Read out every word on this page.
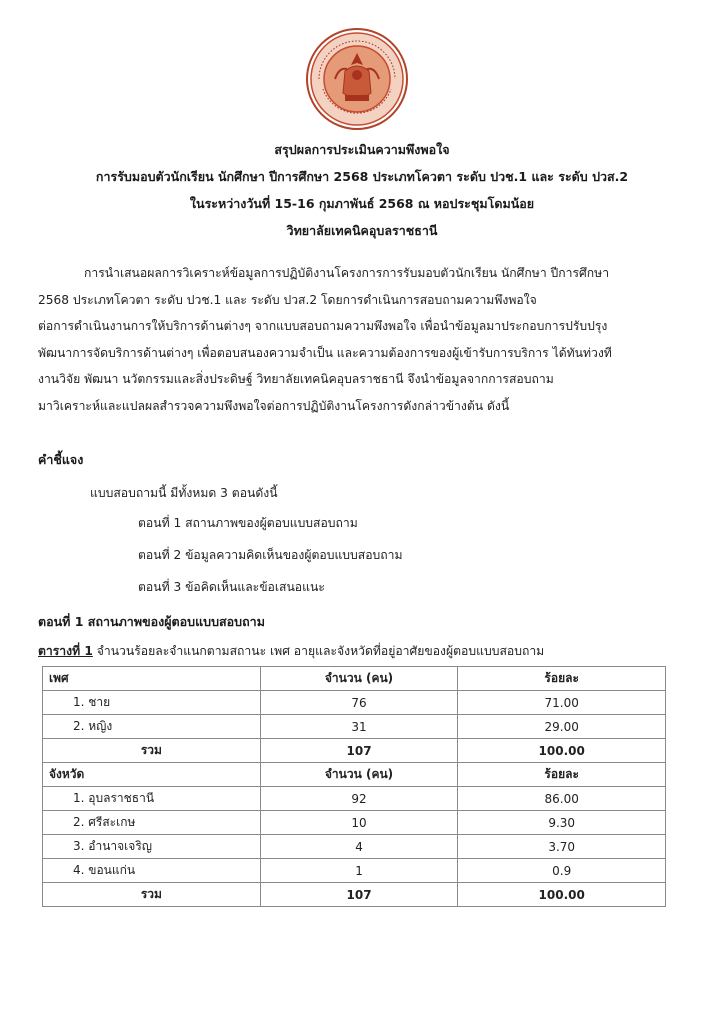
สรุปผลการประเมินความพึงพอใจ
การรับมอบตัวนักเรียน นักศึกษา ปีการศึกษา 2568 ประเภทโควตา ระดับ ปวช.1 และ ระดับ ปวส.2
ในระหว่างวันที่ 15-16 กุมภาพันธ์ 2568 ณ หอประชุมโดมน้อย
วิทยาลัยเทคนิคอุบลราชธานี
การนำเสนอผลการวิเคราะห์ข้อมูลการปฏิบัติงานโครงการการรับมอบตัวนักเรียน นักศึกษา ปีการศึกษา
2568 ประเภทโควตา ระดับ ปวช.1 และ ระดับ ปวส.2 โดยการดำเนินการสอบถามความพึงพอใจ
ต่อการดำเนินงานการให้บริการด้านต่างๆ จากแบบสอบถามความพึงพอใจ เพื่อนำข้อมูลมาประกอบการปรับปรุง
พัฒนาการจัดบริการด้านต่างๆ เพื่อตอบสนองความจำเป็น และความต้องการของผู้เข้ารับการบริการ ได้ทันท่วงที
งานวิจัย พัฒนา นวัตกรรมและสิ่งประดิษฐ์ วิทยาลัยเทคนิคอุบลราชธานี จึงนำข้อมูลจากการสอบถาม
มาวิเคราะห์และแปลผลสำรวจความพึงพอใจต่อการปฏิบัติงานโครงการดังกล่าวข้างต้น ดังนี้
คำชี้แจง
แบบสอบถามนี้ มีทั้งหมด 3 ตอนดังนี้
ตอนที่ 1 สถานภาพของผู้ตอบแบบสอบถาม
ตอนที่ 2 ข้อมูลความคิดเห็นของผู้ตอบแบบสอบถาม
ตอนที่ 3 ข้อคิดเห็นและข้อเสนอแนะ
ตอนที่ 1 สถานภาพของผู้ตอบแบบสอบถาม
ตารางที่ 1 จำนวนร้อยละจำแนกตามสถานะ เพศ อายุและจังหวัดที่อยู่อาศัยของผู้ตอบแบบสอบถาม
เพศ	จำนวน (คน)	ร้อยละ
1. ชาย	76	71.00
2. หญิง	31	29.00
รวม	107	100.00
จังหวัด	จำนวน (คน)	ร้อยละ
1. อุบลราชธานี	92	86.00
2. ศรีสะเกษ	10	9.30
3. อำนาจเจริญ	4	3.70
4. ขอนแก่น	1	0.9
รวม	107	100.00
